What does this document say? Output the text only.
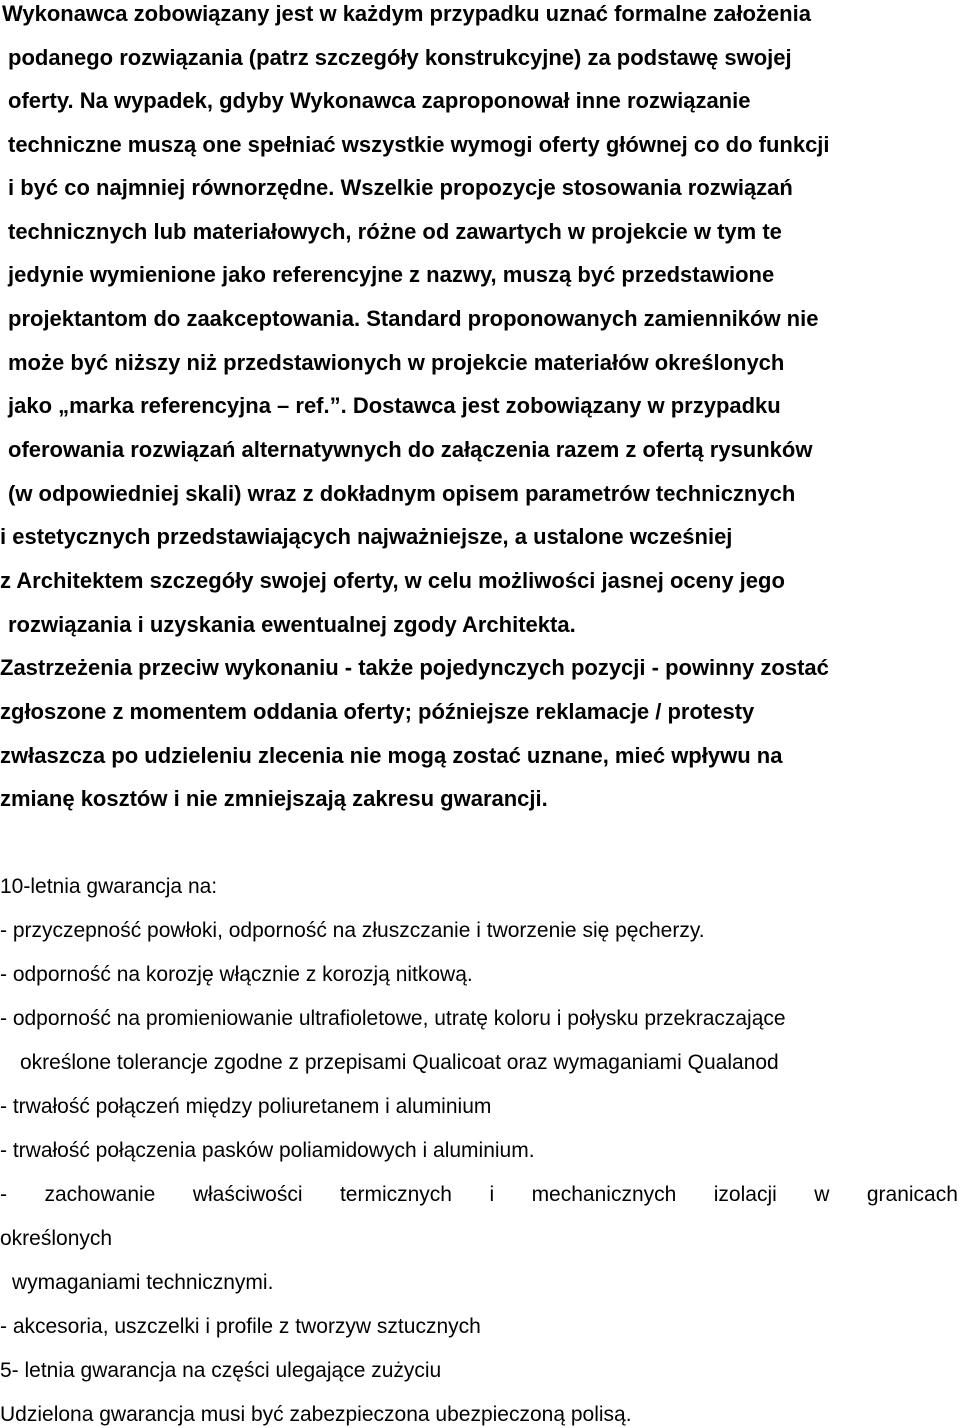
Wykonawca zobowiązany jest w każdym przypadku uznać formalne założenia
podanego rozwiązania (patrz szczegóły konstrukcyjne) za podstawę swojej
oferty. Na wypadek, gdyby Wykonawca zaproponował inne rozwiązanie
techniczne muszą one spełniać wszystkie wymogi oferty głównej co do funkcji
i być co najmniej równorzędne. Wszelkie propozycje stosowania rozwiązań
technicznych lub materiałowych, różne od zawartych w projekcie w tym te
jedynie wymienione jako referencyjne z nazwy, muszą być przedstawione
projektantom do zaakceptowania. Standard proponowanych zamienników nie
może być niższy niż przedstawionych w projekcie materiałów określonych
jako „marka referencyjna – ref.”. Dostawca jest zobowiązany w przypadku
oferowania rozwiązań alternatywnych do załączenia razem z ofertą rysunków
(w odpowiedniej skali) wraz z dokładnym opisem parametrów technicznych
i estetycznych przedstawiających najważniejsze, a ustalone wcześniej
z Architektem szczegóły swojej oferty, w celu możliwości jasnej oceny jego
rozwiązania i uzyskania ewentualnej zgody Architekta.
Zastrzeżenia przeciw wykonaniu - także pojedynczych pozycji - powinny zostać
zgłoszone z momentem oddania oferty; późniejsze reklamacje / protesty
zwłaszcza po udzieleniu zlecenia nie mogą zostać uznane, mieć wpływu na
zmianę kosztów i nie zmniejszają zakresu gwarancji.
10-letnia gwarancja na:
- przyczepność powłoki, odporność na złuszczanie i tworzenie się pęcherzy.
- odporność na korozję włącznie z korozją nitkową.
- odporność na promieniowanie ultrafioletowe, utratę koloru i połysku przekraczające
określone tolerancje zgodne z przepisami Qualicoat oraz wymaganiami Qualanod
- trwałość połączeń między poliuretanem i aluminium
- trwałość połączenia pasków poliamidowych i aluminium.
- zachowanie właściwości termicznych i mechanicznych izolacji w granicach
określonych
wymaganiami technicznymi.
- akcesoria, uszczelki i profile z tworzyw sztucznych
5- letnia gwarancja na części ulegające zużyciu
Udzielona gwarancja musi być zabezpieczona ubezpieczoną polisą.
